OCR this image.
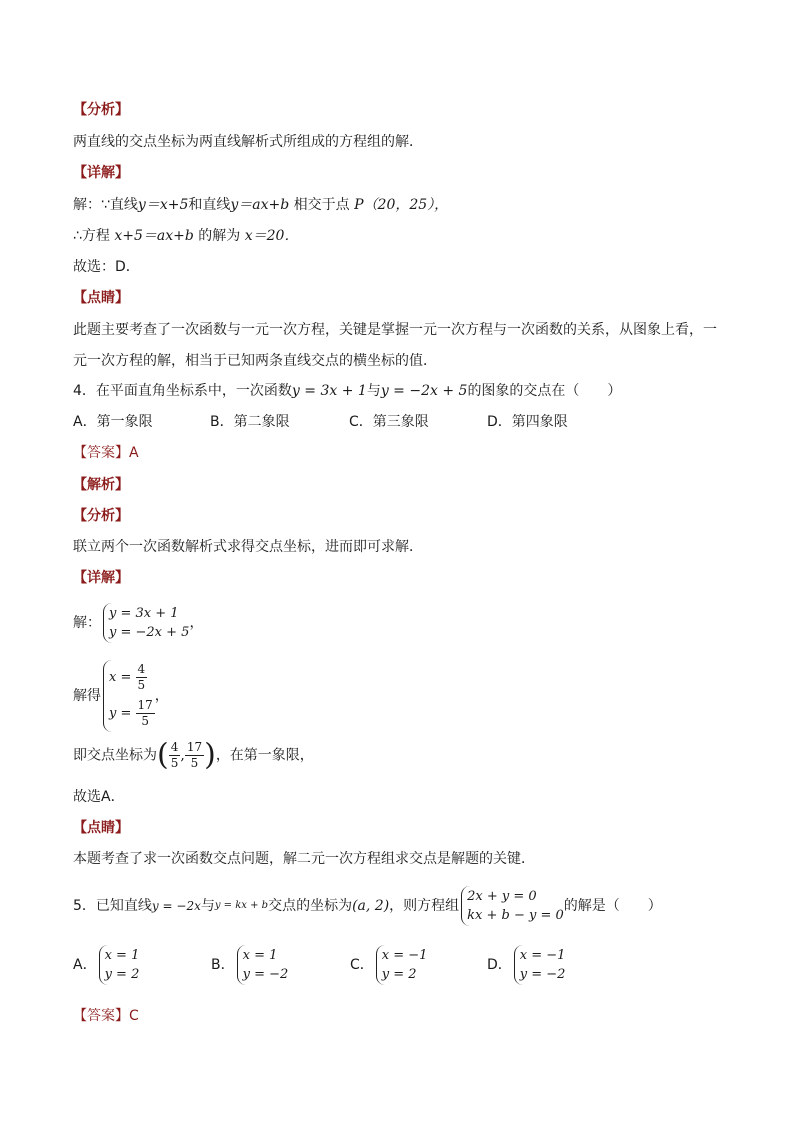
【分析】
两直线的交点坐标为两直线解析式所组成的方程组的解．
【详解】
解：∵直线y＝x+5和直线y＝ax+b 相交于点 P（20，25），
∴方程 x+5＝ax+b 的解为 x＝20．
故选：D．
【点睛】
此题主要考查了一次函数与一元一次方程，关键是掌握一元一次方程与一次函数的关系，从图象上看，一
元一次方程的解，相当于已知两条直线交点的横坐标的值．
4．在平面直角坐标系中，一次函数y = 3x + 1与y = −2x + 5的图象的交点在（　　）
A．第一象限	B．第二象限	C．第三象限	D．第四象限
【答案】A
【解析】
【分析】
联立两个一次函数解析式求得交点坐标，进而即可求解．
【详解】
解：
y = 3x + 1
y = −2x + 5
，
解得
$x = \frac{4}{5}$
$y = \frac{17}{5}$
，
即交点坐标为( $\frac{4}{5}$ , $\frac{17}{5}$ )，在第一象限，
故选A．
【点睛】
本题考查了求一次函数交点问题，解二元一次方程组求交点是解题的关键．
5．已知直线y = −2x与y = kx + b交点的坐标为(a, 2)，则方程组
2x + y = 0
kx + b − y = 0
的解是（　　）
A．
x = 1
y = 2
B．
x = 1
y = −2
C．
x = −1
y = 2
D．
x = −1
y = −2
【答案】C
